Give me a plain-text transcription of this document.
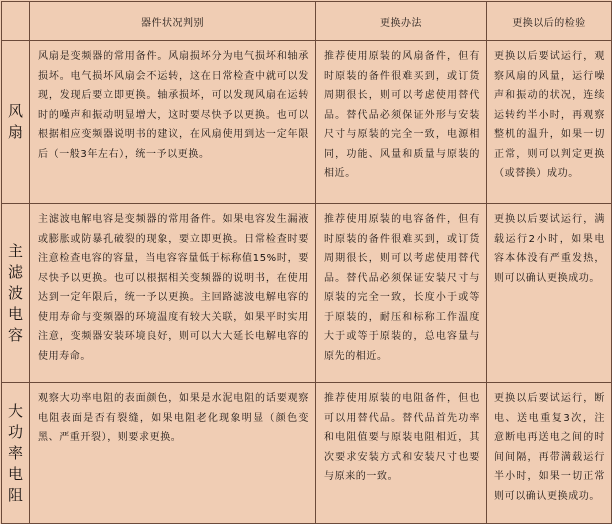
	器件状况判别	更换办法	更换以后的检验

风扇	风扇是变频器的常用备件。风扇损坏分为电气损坏和轴承损坏。电气损坏风扇会不运转，这在日常检查中就可以发现，发现后要立即更换。轴承损坏，可以发现风扇在运转时的噪声和振动明显增大，这时要尽快予以更换。也可以根据相应变频器说明书的建议，在风扇使用到达一定年限后（一般3年左右），统一予以更换。	推荐使用原装的风扇备件，但有时原装的备件很难买到，或订货周期很长，则可以考虑使用替代品。替代品必须保证外形与安装尺寸与原装的完全一致，电源相同，功能、风量和质量与原装的相近。	更换以后要试运行，观察风扇的风量，运行噪声和振动的状况，连续运转约半小时，再观察整机的温升，如果一切正常，则可以判定更换（或替换）成功。

主滤波电容	主滤波电解电容是变频器的常用备件。如果电容发生漏液或膨胀或防暴孔破裂的现象，要立即更换。日常检查时要注意检查电容的容量，当电容容量低于标称值15%时，要尽快予以更换。也可以根据相关变频器的说明书，在使用达到一定年限后，统一予以更换。主回路滤波电解电容的使用寿命与变频器的环境温度有较大关联，如果平时实用注意，变频器安装环境良好，则可以大大延长电解电容的使用寿命。	推荐使用原装的电容备件，但有时原装的备件很难买到，或订货周期很长，则可以考虑使用替代品。替代品必须保证安装尺寸与原装的完全一致，长度小于或等于原装的，耐压和标称工作温度大于或等于原装的，总电容量与原先的相近。	更换以后要试运行，满载运行2小时，如果电容本体没有严重发热，则可以确认更换成功。

大功率电阻	观察大功率电阻的表面颜色，如果是水泥电阻的话要观察电阻表面是否有裂缝，如果电阻老化现象明显（颜色变黑、严重开裂），则要求更换。	推荐使用原装的电阻备件，但也可以用替代品。替代品首先功率和电阻值要与原装电阻相近，其次要求安装方式和安装尺寸也要与原来的一致。	更换以后要试运行，断电、送电重复3次，注意断电再送电之间的时间间隔，再带满载运行半小时，如果一切正常则可以确认更换成功。
